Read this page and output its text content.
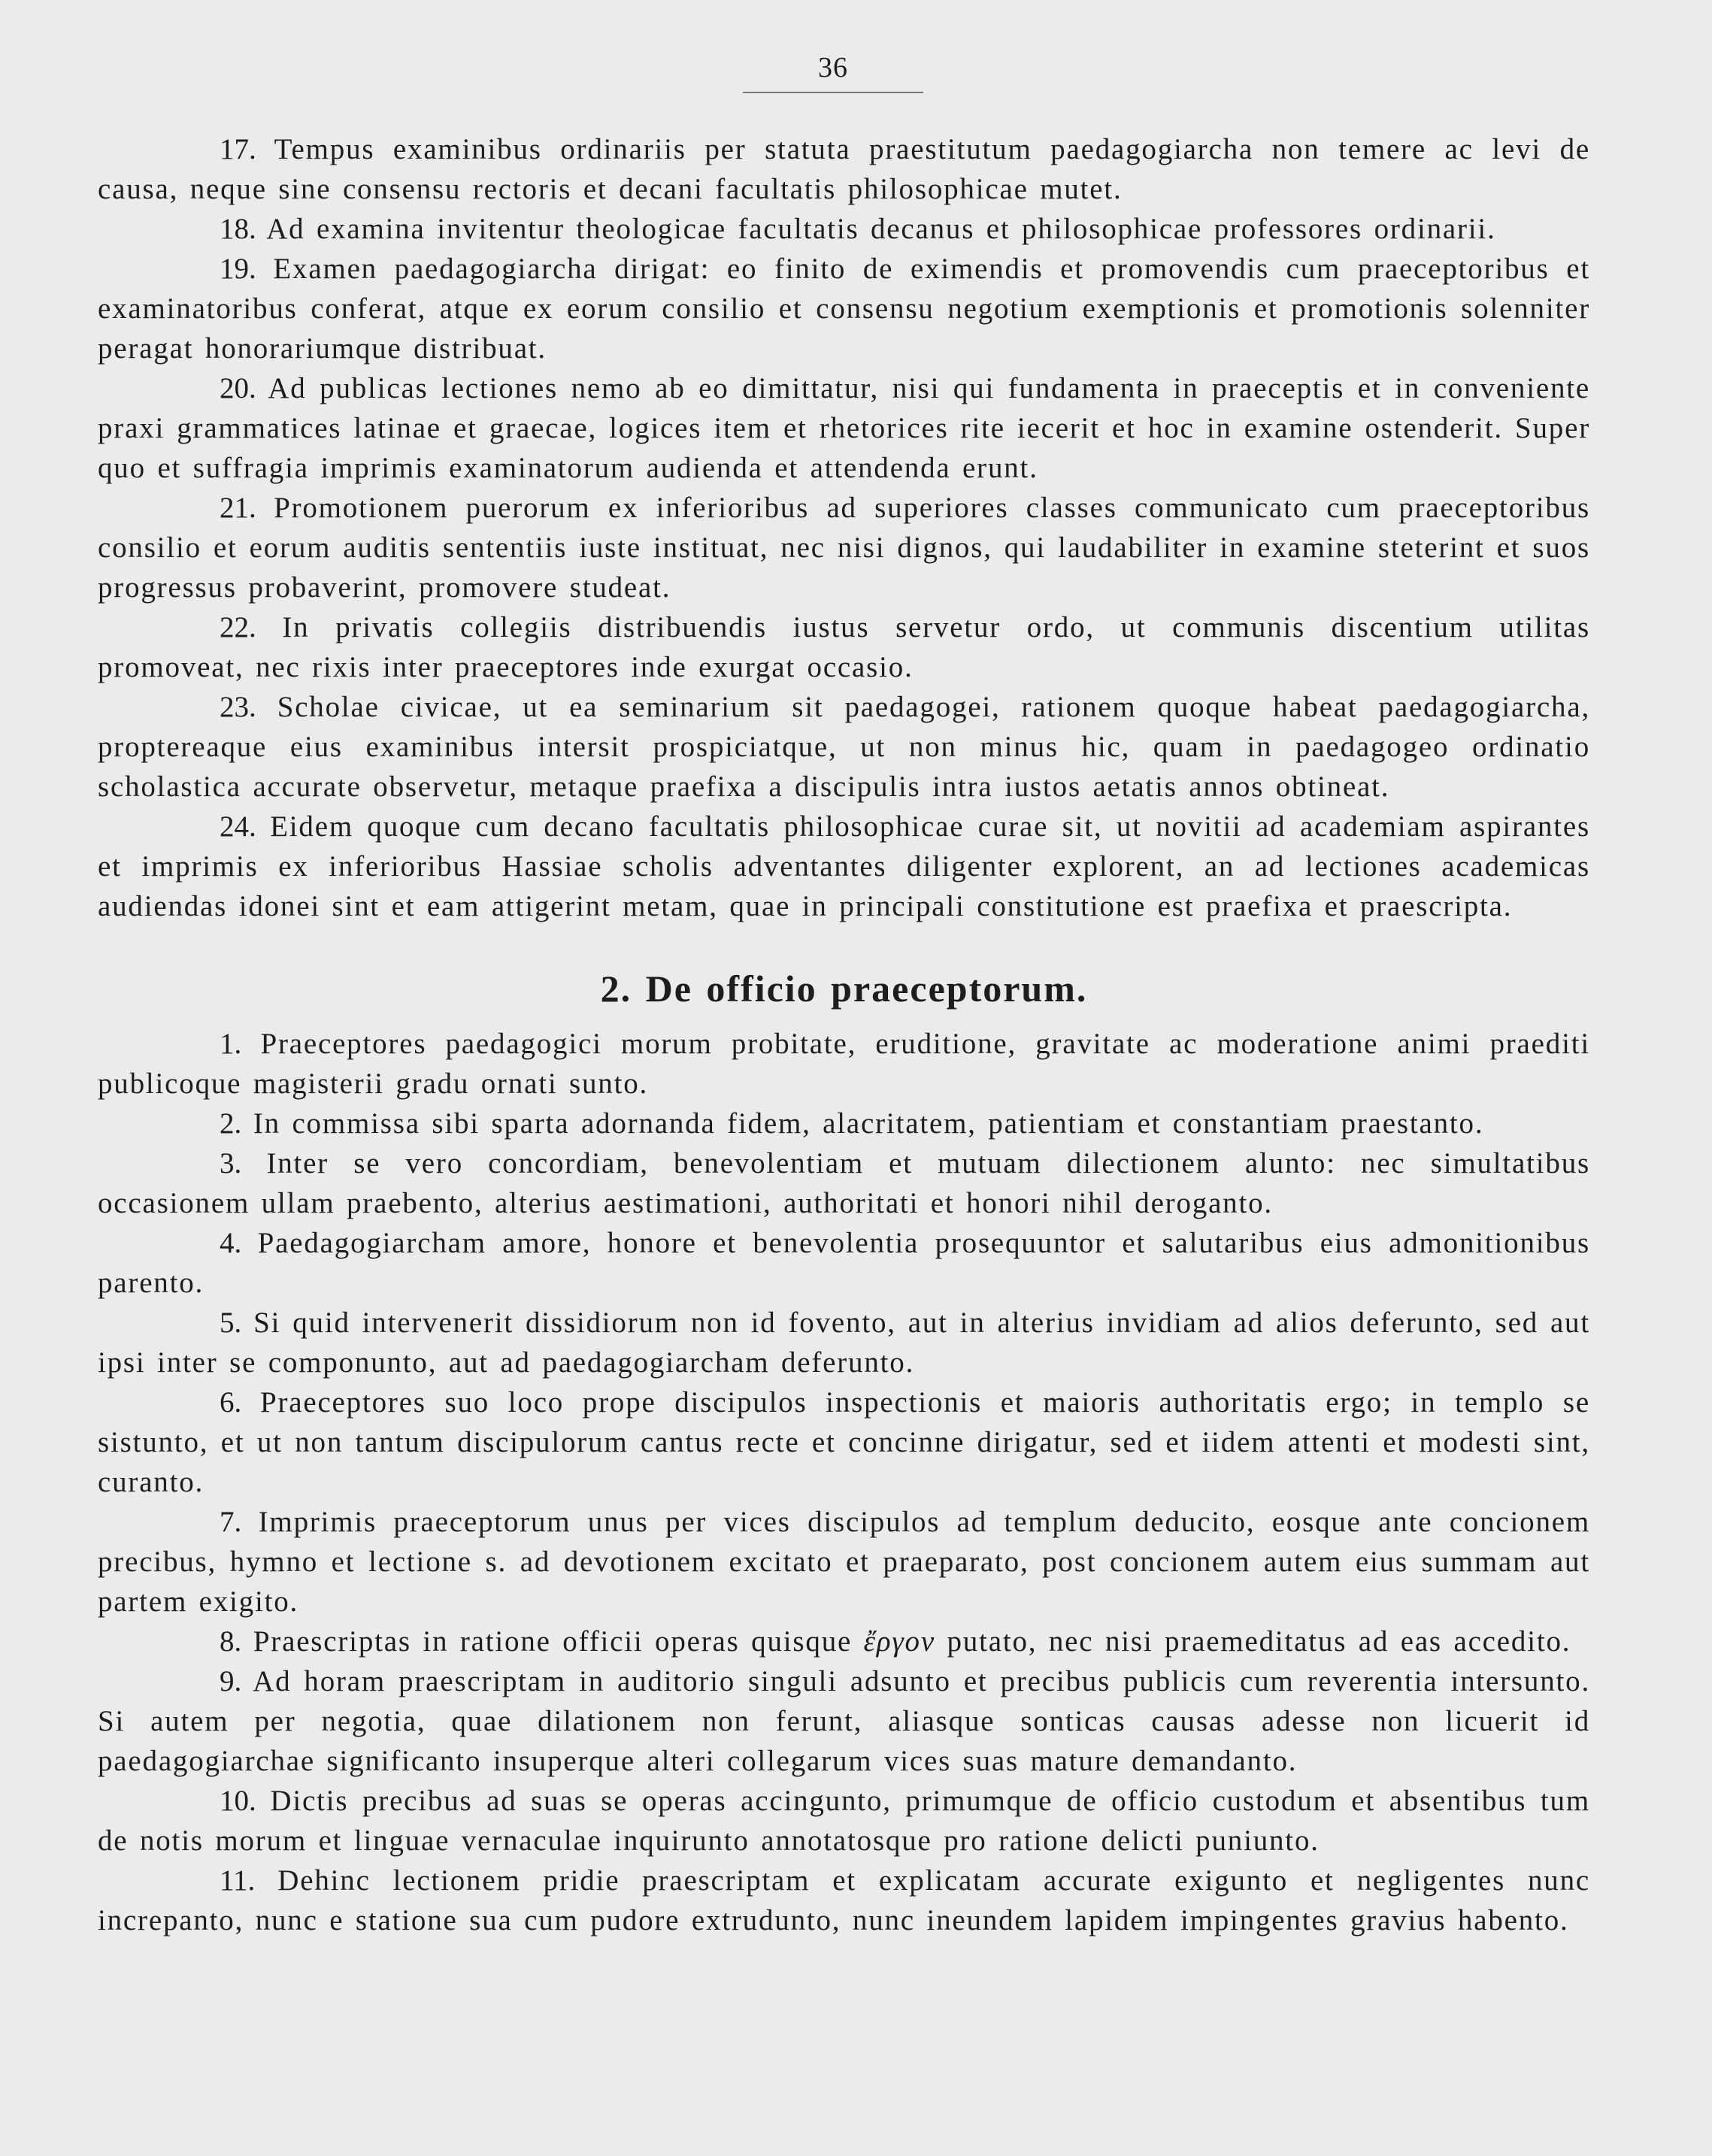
36

17. Tempus examinibus ordinariis per statuta praestitutum paedagogiarcha non temere ac levi de causa, neque sine consensu rectoris et decani facultatis philosophicae mutet.

18. Ad examina invitentur theologicae facultatis decanus et philosophicae professores ordinarii.

19. Examen paedagogiarcha dirigat: eo finito de eximendis et promovendis cum praeceptoribus et examinatoribus conferat, atque ex eorum consilio et consensu negotium exemptionis et promotionis solenniter peragat honorariumque distribuat.

20. Ad publicas lectiones nemo ab eo dimittatur, nisi qui fundamenta in praeceptis et in conveniente praxi grammatices latinae et graecae, logices item et rhetorices rite iecerit et hoc in examine ostenderit. Super quo et suffragia imprimis examinatorum audienda et attendenda erunt.

21. Promotionem puerorum ex inferioribus ad superiores classes communicato cum praeceptoribus consilio et eorum auditis sententiis iuste instituat, nec nisi dignos, qui laudabiliter in examine steterint et suos progressus probaverint, promovere studeat.

22. In privatis collegiis distribuendis iustus servetur ordo, ut communis discentium utilitas promoveat, nec rixis inter praeceptores inde exurgat occasio.

23. Scholae civicae, ut ea seminarium sit paedagogei, rationem quoque habeat paedagogiarcha, proptereaque eius examinibus intersit prospiciatque, ut non minus hic, quam in paedagogeo ordinatio scholastica accurate observetur, metaque praefixa a discipulis intra iustos aetatis annos obtineat.

24. Eidem quoque cum decano facultatis philosophicae curae sit, ut novitii ad academiam aspirantes et imprimis ex inferioribus Hassiae scholis adventantes diligenter explorent, an ad lectiones academicas audiendas idonei sint et eam attigerint metam, quae in principali constitutione est praefixa et praescripta.

2. De officio praeceptorum.

1. Praeceptores paedagogici morum probitate, eruditione, gravitate ac moderatione animi praediti publicoque magisterii gradu ornati sunto.

2. In commissa sibi sparta adornanda fidem, alacritatem, patientiam et constantiam praestanto.

3. Inter se vero concordiam, benevolentiam et mutuam dilectionem alunto: nec simultatibus occasionem ullam praebento, alterius aestimationi, authoritati et honori nihil deroganto.

4. Paedagogiarcham amore, honore et benevolentia prosequuntor et salutaribus eius admonitionibus parento.

5. Si quid intervenerit dissidiorum non id fovento, aut in alterius invidiam ad alios deferunto, sed aut ipsi inter se componunto, aut ad paedagogiarcham deferunto.

6. Praeceptores suo loco prope discipulos inspectionis et maioris authoritatis ergo; in templo se sistunto, et ut non tantum discipulorum cantus recte et concinne dirigatur, sed et iidem attenti et modesti sint, curanto.

7. Imprimis praeceptorum unus per vices discipulos ad templum deducito, eosque ante concionem precibus, hymno et lectione s. ad devotionem excitato et praeparato, post concionem autem eius summam aut partem exigito.

8. Praescriptas in ratione officii operas quisque ἔργον putato, nec nisi praemeditatus ad eas accedito.

9. Ad horam praescriptam in auditorio singuli adsunto et precibus publicis cum reverentia intersunto. Si autem per negotia, quae dilationem non ferunt, aliasque sonticas causas adesse non licuerit id paedagogiarchae significanto insuperque alteri collegarum vices suas mature demandanto.

10. Dictis precibus ad suas se operas accingunto, primumque de officio custodum et absentibus tum de notis morum et linguae vernaculae inquirunto annotatosque pro ratione delicti puniunto.

11. Dehinc lectionem pridie praescriptam et explicatam accurate exigunto et negligentes nunc increpanto, nunc e statione sua cum pudore extrudunto, nunc ineundem lapidem impingentes gravius habento.
